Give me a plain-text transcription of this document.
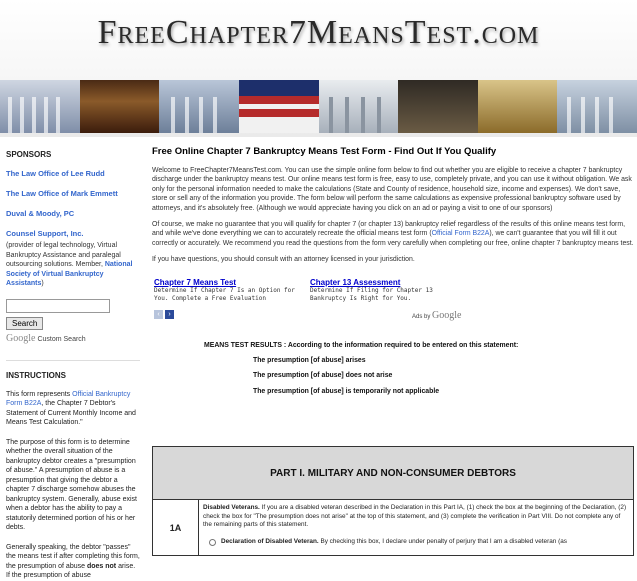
FreeChapter7MeansTest.com
SPONSORS
The Law Office of Lee Rudd
The Law Office of Mark Emmett
Duval & Moody, PC
Counsel Support, Inc.
(provider of legal technology, Virtual Bankruptcy Assistance and paralegal outsourcing solutions. Member, National Society of Virtual Bankruptcy Assistants)
Search
Google Custom Search
INSTRUCTIONS

This form represents Official Bankruptcy Form B22A, the Chapter 7 Debtor's Statement of Current Monthly Income and Means Test Calculation."

The purpose of this form is to determine whether the overall situation of the bankruptcy debtor creates a "presumption of abuse." A presumption of abuse is a presumption that giving the debtor a chapter 7 discharge somehow abuses the bankruptcy system. Generally, abuse exist when a debtor has the ability to pay a statutorily determined portion of his or her debts.

Generally speaking, the debtor "passes" the means test if after completing this form, the presumption of abuse does not arise. If the presumption of abuse

Free Online Chapter 7 Bankruptcy Means Test Form - Find Out If You Qualify

Welcome to FreeChapter7MeansTest.com. You can use the simple online form below to find out whether you are eligible to receive a chapter 7 bankruptcy discharge under the bankruptcy means test. Our online means test form is free, easy to use, completely private, and you can use it without obligation. We ask only for the personal information needed to make the calculations (State and County of residence, household size, income and expenses). We don't save, store or sell any of the information you provide. The form below will perform the same calculations as expensive professional bankruptcy software used by attorneys, and it's absolutely free. (Although we would appreciate having you click on an ad or paying a visit to one of our sponsors)

Of course, we make no guarantee that you will qualify for chapter 7 (or chapter 13) bankruptcy relief regardless of the results of this online means test form, and while we've done everything we can to accurately recreate the official means test form (Official Form B22A), we can't guarantee that you will fill it out correctly or accurately. We recommend you read the questions from the form very carefully when completing our free, online chapter 7 bankruptcy means test.

If you have questions, you should consult with an attorney licensed in your jurisdiction.

Chapter 7 Means Test
Determine If Chapter 7 Is an Option for You. Complete a Free Evaluation
Chapter 13 Assessment
Determine If Filing for Chapter 13 Bankruptcy Is Right for You.
‹	›	Ads by Google
MEANS TEST RESULTS : According to the information required to be entered on this statement:
The presumption [of abuse] arises
The presumption [of abuse] does not arise
The presumption [of abuse] is temporarily not applicable
PART I. MILITARY AND NON-CONSUMER DEBTORS
1A
Disabled Veterans. If you are a disabled veteran described in the Declaration in this Part IA, (1) check the box at the beginning of the Declaration, (2) check the box for "The presumption does not arise" at the top of this statement, and (3) complete the verification in Part VIII. Do not complete any of the remaining parts of this statement.
Declaration of Disabled Veteran. By checking this box, I declare under penalty of perjury that I am a disabled veteran (as
